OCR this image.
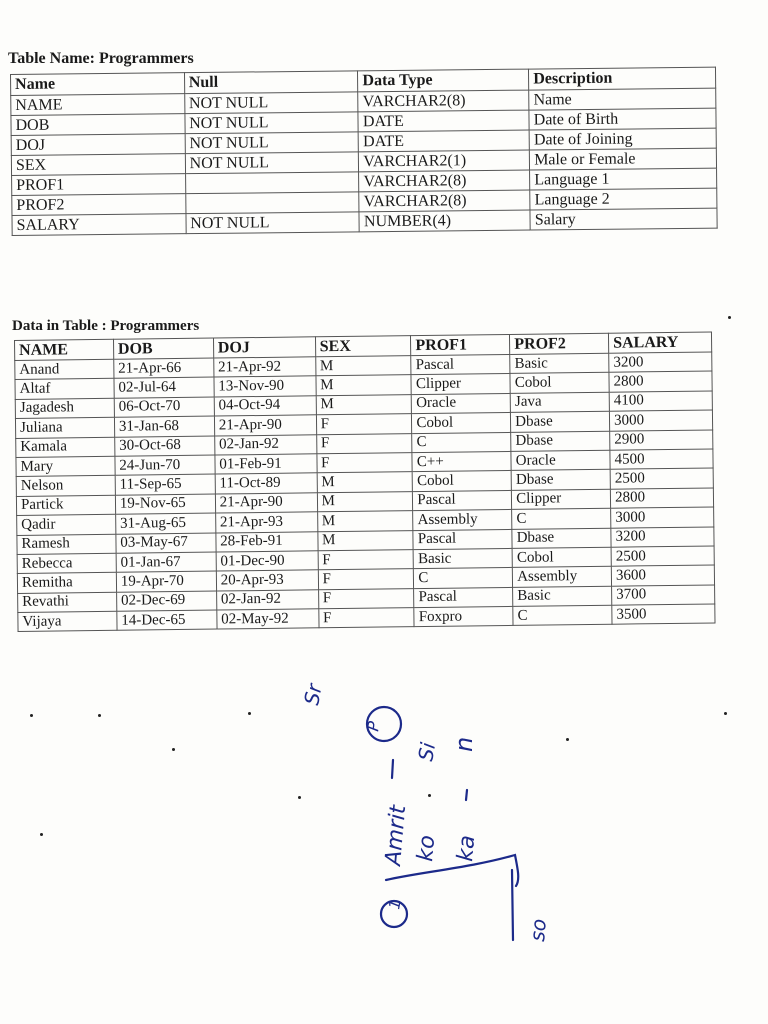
Table Name: Programmers
Name	Null	Data Type	Description
NAME	NOT NULL	VARCHAR2(8)	Name
DOB	NOT NULL	DATE	Date of Birth
DOJ	NOT NULL	DATE	Date of Joining
SEX	NOT NULL	VARCHAR2(1)	Male or Female
PROF1		VARCHAR2(8)	Language 1
PROF2		VARCHAR2(8)	Language 2
SALARY	NOT NULL	NUMBER(4)	Salary
Data in Table : Programmers
NAME	DOB	DOJ	SEX	PROF1	PROF2	SALARY
Anand	21-Apr-66	21-Apr-92	M	Pascal	Basic	3200
Altaf	02-Jul-64	13-Nov-90	M	Clipper	Cobol	2800
Jagadesh	06-Oct-70	04-Oct-94	M	Oracle	Java	4100
Juliana	31-Jan-68	21-Apr-90	F	Cobol	Dbase	3000
Kamala	30-Oct-68	02-Jan-92	F	C	Dbase	2900
Mary	24-Jun-70	01-Feb-91	F	C++	Oracle	4500
Nelson	11-Sep-65	11-Oct-89	M	Cobol	Dbase	2500
Partick	19-Nov-65	21-Apr-90	M	Pascal	Clipper	2800
Qadir	31-Aug-65	21-Apr-93	M	Assembly	C	3000
Ramesh	03-May-67	28-Feb-91	M	Pascal	Dbase	3200
Rebecca	01-Jan-67	01-Dec-90	F	Basic	Cobol	2500
Remitha	19-Apr-70	20-Apr-93	F	C	Assembly	3600
Revathi	02-Dec-69	02-Jan-92	F	Pascal	Basic	3700
Vijaya	14-Dec-65	02-May-92	F	Foxpro	C	3500
Sr
P
Si n
Amrit ko ka
1
so
